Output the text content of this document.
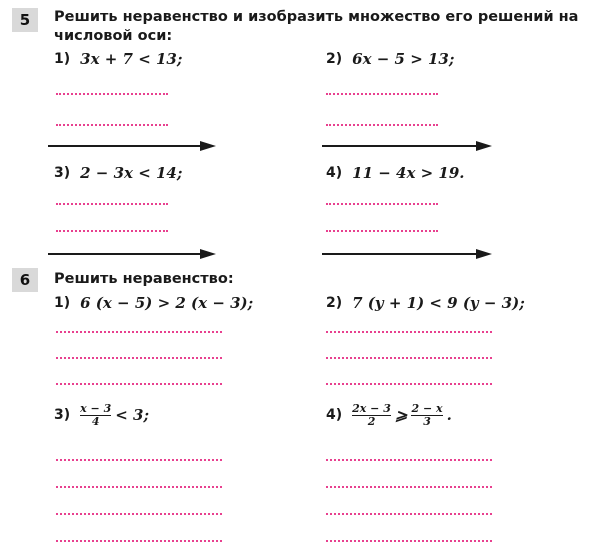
5	Решить неравенство и изобразить множество его решений на
числовой оси:
1) 3x + 7 < 13;	2) 6x − 5 > 13;
3) 2 − 3x < 14;	4) 11 − 4x > 19.
6	Решить неравенство:
1) 6 (x − 5) > 2 (x − 3);	2) 7 (y + 1) < 9 (y − 3);
$3) \frac{x - 3}{4} < 3$;	$4) \frac{2x - 3}{2}$ ⩾ $\frac{2 - x}{3}$ .
